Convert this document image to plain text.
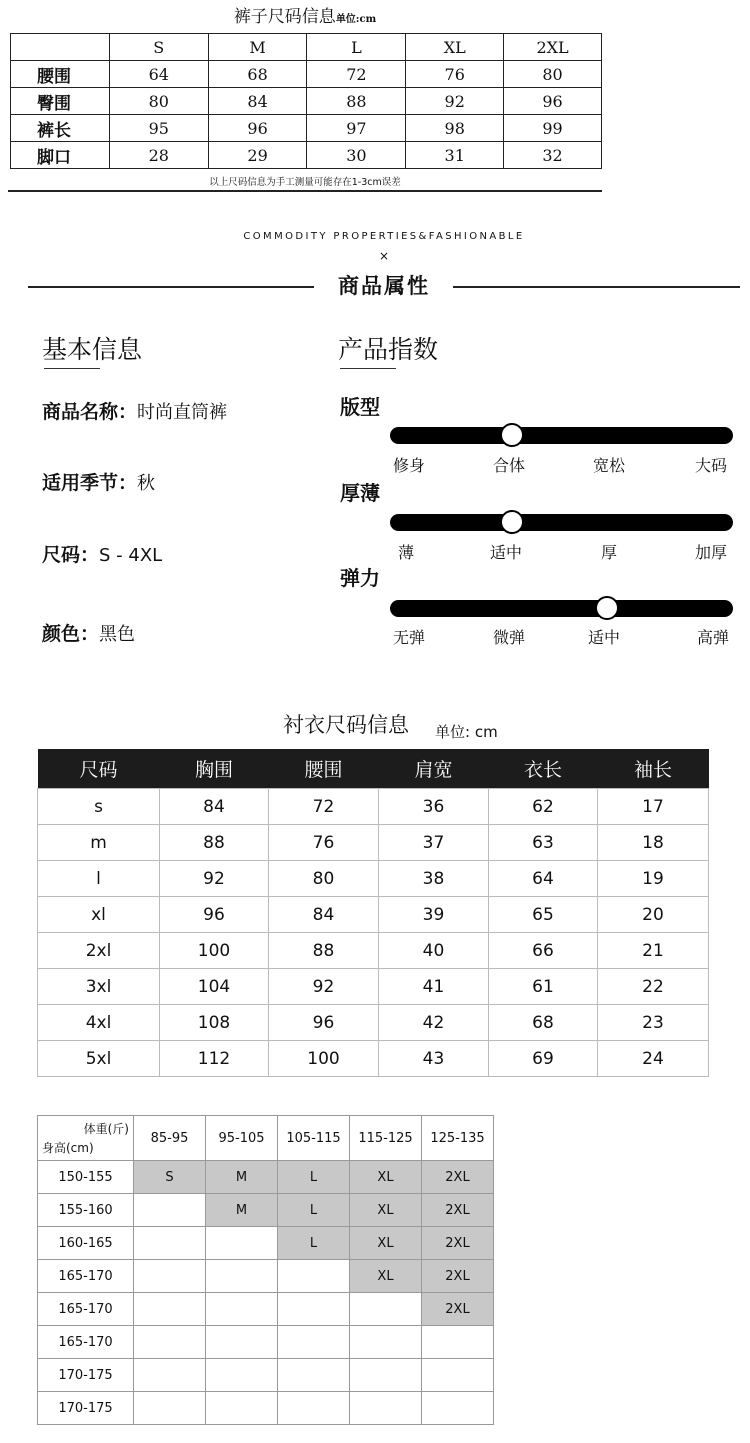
裤子尺码信息单位:cm
	S	M	L	XL	2XL
腰围	64	68	72	76	80
臀围	80	84	88	92	96
裤长	95	96	97	98	99
脚口	28	29	30	31	32
以上尺码信息为手工测量可能存在1-3cm误差
COMMODITY PROPERTIES&FASHIONABLE
×
商品属性
基本信息	产品指数
商品名称：时尚直筒裤
适用季节：秋
尺码：S - 4XL
颜色：黑色
版型
修身	合体	宽松	大码
厚薄
薄	适中	厚	加厚
弹力
无弹	微弹	适中	高弹
衬衣尺码信息 单位: cm
尺码	胸围	腰围	肩宽	衣长	袖长
s	84	72	36	62	17
m	88	76	37	63	18
l	92	80	38	64	19
xl	96	84	39	65	20
2xl	100	88	40	66	21
3xl	104	92	41	61	22
4xl	108	96	42	68	23
5xl	112	100	43	69	24
体重(斤)
身高(cm)	85-95	95-105	105-115	115-125	125-135
150-155	S	M	L	XL	2XL
155-160		M	L	XL	2XL
160-165			L	XL	2XL
165-170				XL	2XL
165-170					2XL
165-170					
170-175					
170-175					
